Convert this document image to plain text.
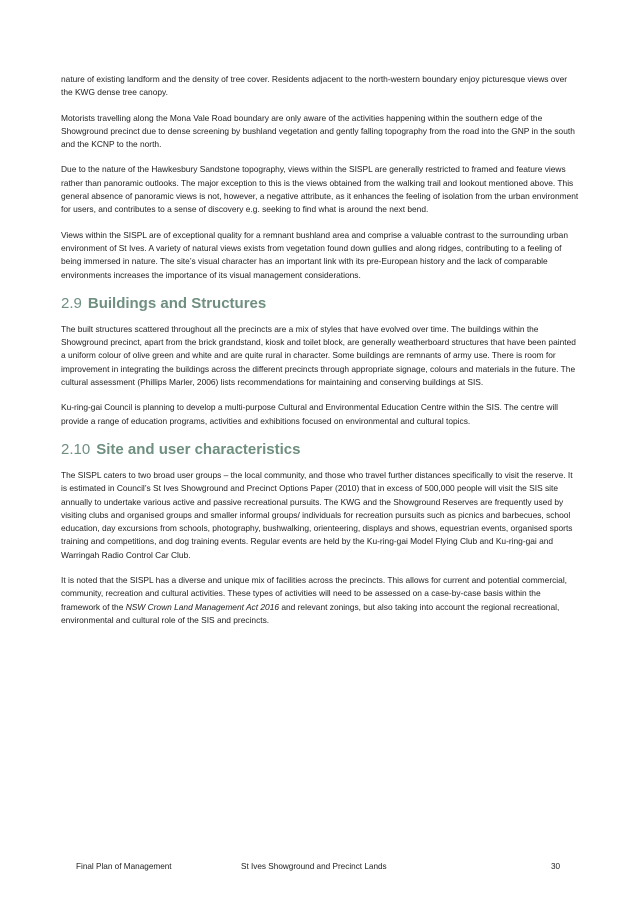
nature of existing landform and the density of tree cover. Residents adjacent to the north-western boundary enjoy picturesque views over the KWG dense tree canopy.

Motorists travelling along the Mona Vale Road boundary are only aware of the activities happening within the southern edge of the Showground precinct due to dense screening by bushland vegetation and gently falling topography from the road into the GNP in the south and the KCNP to the north.

Due to the nature of the Hawkesbury Sandstone topography, views within the SISPL are generally restricted to framed and feature views rather than panoramic outlooks. The major exception to this is the views obtained from the walking trail and lookout mentioned above. This general absence of panoramic views is not, however, a negative attribute, as it enhances the feeling of isolation from the urban environment for users, and contributes to a sense of discovery e.g. seeking to find what is around the next bend.

Views within the SISPL are of exceptional quality for a remnant bushland area and comprise a valuable contrast to the surrounding urban environment of St Ives. A variety of natural views exists from vegetation found down gullies and along ridges, contributing to a feeling of being immersed in nature. The site’s visual character has an important link with its pre-European history and the lack of comparable environments increases the importance of its visual management considerations.

2.9 Buildings and Structures

The built structures scattered throughout all the precincts are a mix of styles that have evolved over time. The buildings within the Showground precinct, apart from the brick grandstand, kiosk and toilet block, are generally weatherboard structures that have been painted a uniform colour of olive green and white and are quite rural in character. Some buildings are remnants of army use. There is room for improvement in integrating the buildings across the different precincts through appropriate signage, colours and materials in the future. The cultural assessment (Phillips Marler, 2006) lists recommendations for maintaining and conserving buildings at SIS.

Ku-ring-gai Council is planning to develop a multi-purpose Cultural and Environmental Education Centre within the SIS. The centre will provide a range of education programs, activities and exhibitions focused on environmental and cultural topics.

2.10 Site and user characteristics

The SISPL caters to two broad user groups – the local community, and those who travel further distances specifically to visit the reserve. It is estimated in Council’s St Ives Showground and Precinct Options Paper (2010) that in excess of 500,000 people will visit the SIS site annually to undertake various active and passive recreational pursuits. The KWG and the Showground Reserves are frequently used by visiting clubs and organised groups and smaller informal groups/ individuals for recreation pursuits such as picnics and barbecues, school education, day excursions from schools, photography, bushwalking, orienteering, displays and shows, equestrian events, organised sports training and competitions, and dog training events. Regular events are held by the Ku-ring-gai Model Flying Club and Ku-ring-gai and Warringah Radio Control Car Club.

It is noted that the SISPL has a diverse and unique mix of facilities across the precincts. This allows for current and potential commercial, community, recreation and cultural activities. These types of activities will need to be assessed on a case-by-case basis within the framework of the NSW Crown Land Management Act 2016 and relevant zonings, but also taking into account the regional recreational, environmental and cultural role of the SIS and precincts.

Final Plan of Management	St Ives Showground and Precinct Lands	30
